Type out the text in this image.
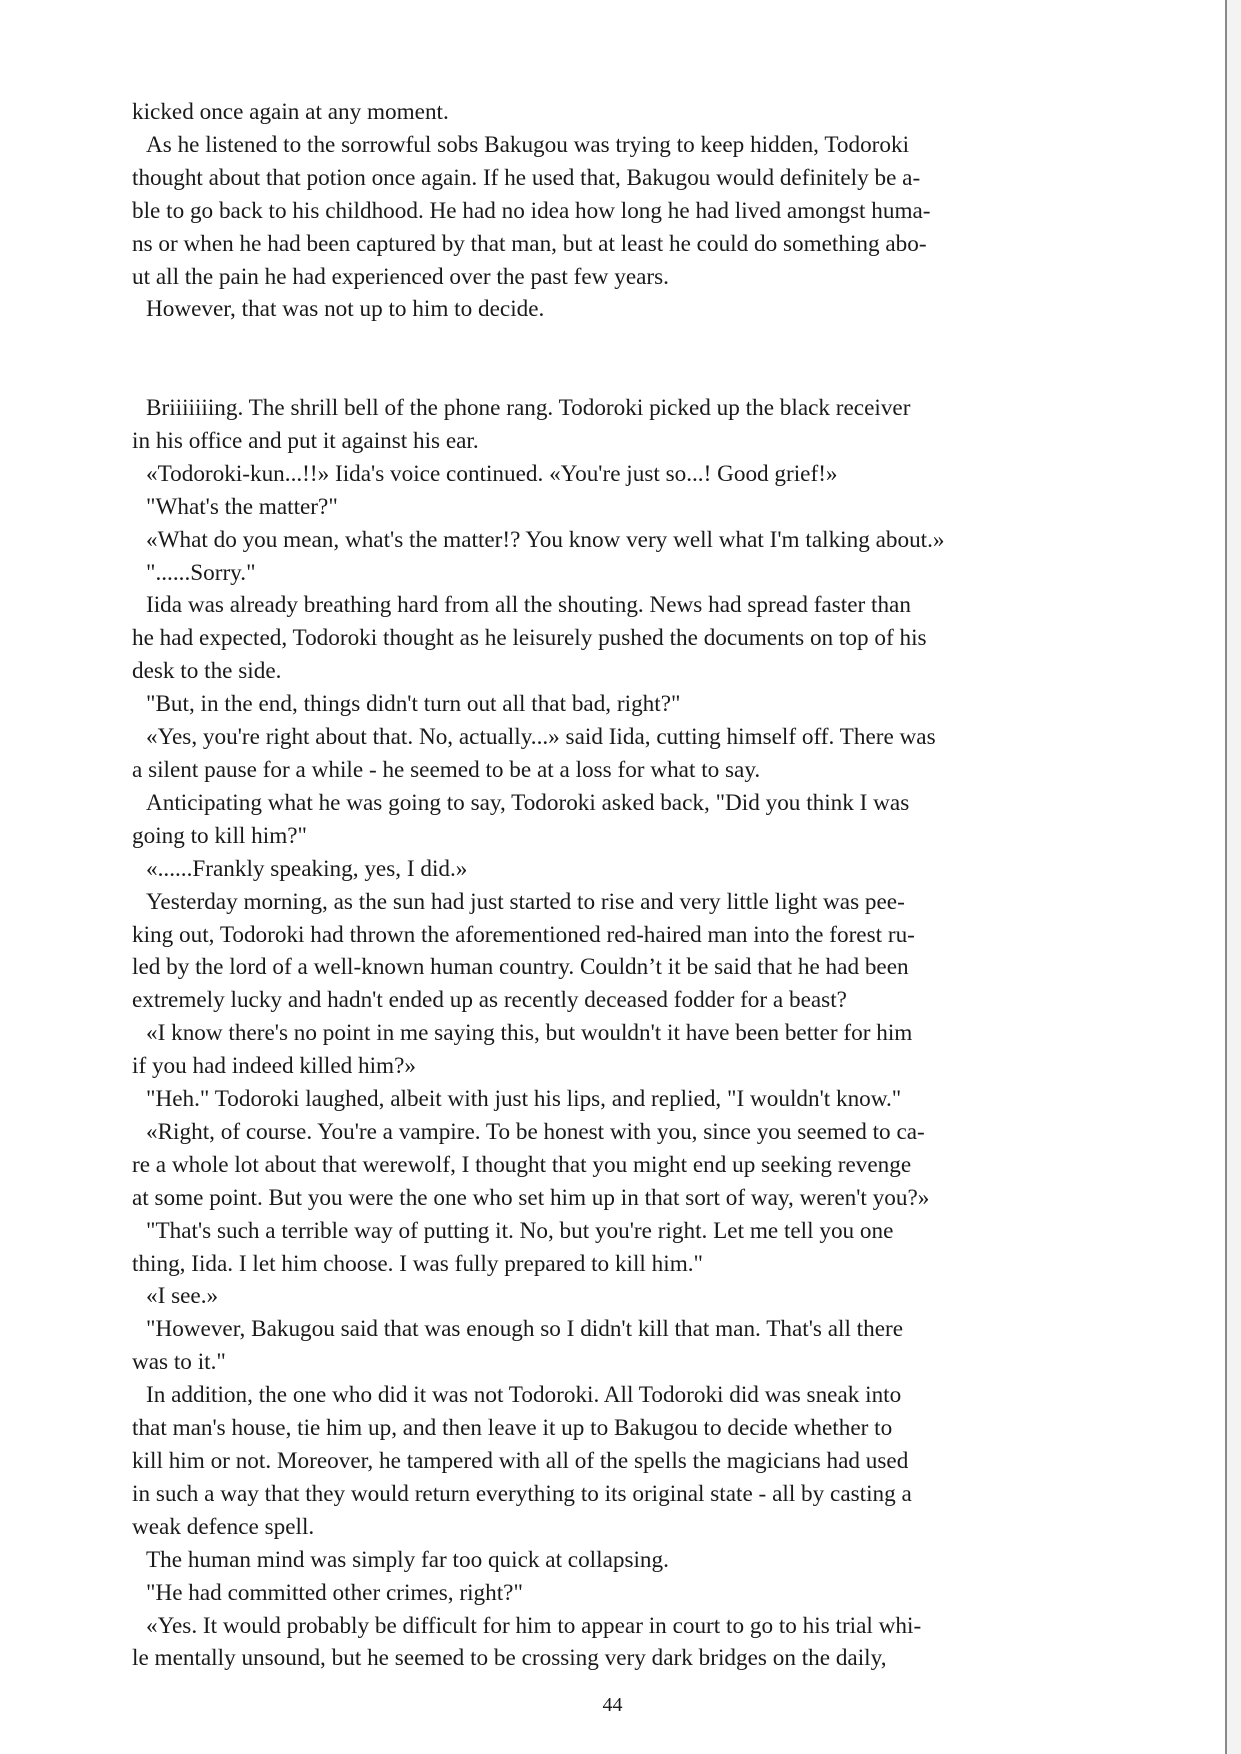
kicked once again at any moment.
As he listened to the sorrowful sobs Bakugou was trying to keep hidden, Todoroki
thought about that potion once again. If he used that, Bakugou would definitely be a-
ble to go back to his childhood. He had no idea how long he had lived amongst huma-
ns or when he had been captured by that man, but at least he could do something abo-
ut all the pain he had experienced over the past few years.
However, that was not up to him to decide.
Briiiiiiing. The shrill bell of the phone rang. Todoroki picked up the black receiver
in his office and put it against his ear.
«Todoroki-kun...!!» Iida's voice continued. «You're just so...! Good grief!»
"What's the matter?"
«What do you mean, what's the matter!? You know very well what I'm talking about.»
"......Sorry."
Iida was already breathing hard from all the shouting. News had spread faster than
he had expected, Todoroki thought as he leisurely pushed the documents on top of his
desk to the side.
"But, in the end, things didn't turn out all that bad, right?"
«Yes, you're right about that. No, actually...» said Iida, cutting himself off. There was
a silent pause for a while - he seemed to be at a loss for what to say.
Anticipating what he was going to say, Todoroki asked back, "Did you think I was
going to kill him?"
«......Frankly speaking, yes, I did.»
Yesterday morning, as the sun had just started to rise and very little light was pee-
king out, Todoroki had thrown the aforementioned red-haired man into the forest ru-
led by the lord of a well-known human country. Couldn’t it be said that he had been
extremely lucky and hadn't ended up as recently deceased fodder for a beast?
«I know there's no point in me saying this, but wouldn't it have been better for him
if you had indeed killed him?»
"Heh." Todoroki laughed, albeit with just his lips, and replied, "I wouldn't know."
«Right, of course. You're a vampire. To be honest with you, since you seemed to ca-
re a whole lot about that werewolf, I thought that you might end up seeking revenge
at some point. But you were the one who set him up in that sort of way, weren't you?»
"That's such a terrible way of putting it. No, but you're right. Let me tell you one
thing, Iida. I let him choose. I was fully prepared to kill him."
«I see.»
"However, Bakugou said that was enough so I didn't kill that man. That's all there
was to it."
In addition, the one who did it was not Todoroki. All Todoroki did was sneak into
that man's house, tie him up, and then leave it up to Bakugou to decide whether to
kill him or not. Moreover, he tampered with all of the spells the magicians had used
in such a way that they would return everything to its original state - all by casting a
weak defence spell.
The human mind was simply far too quick at collapsing.
"He had committed other crimes, right?"
«Yes. It would probably be difficult for him to appear in court to go to his trial whi-
le mentally unsound, but he seemed to be crossing very dark bridges on the daily,
44
